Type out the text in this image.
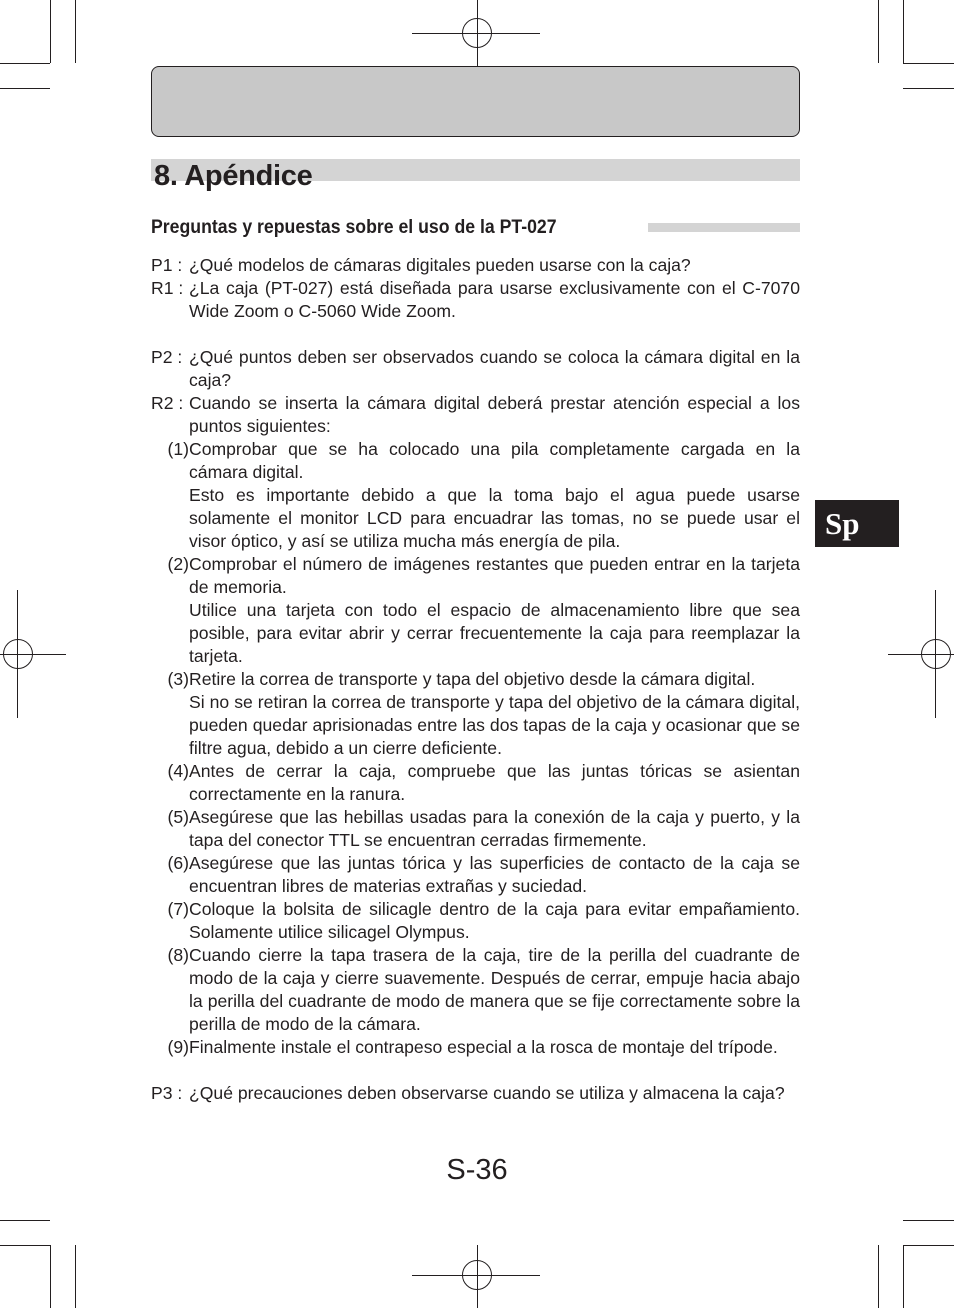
8. Apéndice
Preguntas y repuestas sobre el uso de la PT-027
Sp
P1 : ¿Qué modelos de cámaras digitales pueden usarse con la caja?
R1 : ¿La caja (PT-027) está diseñada para usarse exclusivamente con el C-7070 Wide Zoom o C-5060 Wide Zoom.
P2 : ¿Qué puntos deben ser observados cuando se coloca la cámara digital en la caja?
R2 : Cuando se inserta la cámara digital deberá prestar atención especial a los puntos siguientes:
(1) Comprobar que se ha colocado una pila completamente cargada en la cámara digital.
Esto es importante debido a que la toma bajo el agua puede usarse solamente el monitor LCD para encuadrar las tomas, no se puede usar el visor óptico, y así se utiliza mucha más energía de pila.
(2) Comprobar el número de imágenes restantes que pueden entrar en la tarjeta de memoria.
Utilice una tarjeta con todo el espacio de almacenamiento libre que sea posible, para evitar abrir y cerrar frecuentemente la caja para reemplazar la tarjeta.
(3) Retire la correa de transporte y tapa del objetivo desde la cámara digital.
Si no se retiran la correa de transporte y tapa del objetivo de la cámara digital, pueden quedar aprisionadas entre las dos tapas de la caja y ocasionar que se filtre agua, debido a un cierre deficiente.
(4) Antes de cerrar la caja, compruebe que las juntas tóricas se asientan correctamente en la ranura.
(5) Asegúrese que las hebillas usadas para la conexión de la caja y puerto, y la tapa del conector TTL se encuentran cerradas firmemente.
(6) Asegúrese que las juntas tórica y las superficies de contacto de la caja se encuentran libres de materias extrañas y suciedad.
(7) Coloque la bolsita de silicagle dentro de la caja para evitar empañamiento. Solamente utilice silicagel Olympus.
(8) Cuando cierre la tapa trasera de la caja, tire de la perilla del cuadrante de modo de la caja y cierre suavemente. Después de cerrar, empuje hacia abajo la perilla del cuadrante de modo de manera que se fije correctamente sobre la perilla de modo de la cámara.
(9) Finalmente instale el contrapeso especial a la rosca de montaje del trípode.
P3 : ¿Qué precauciones deben observarse cuando se utiliza y almacena la caja?
S-36
